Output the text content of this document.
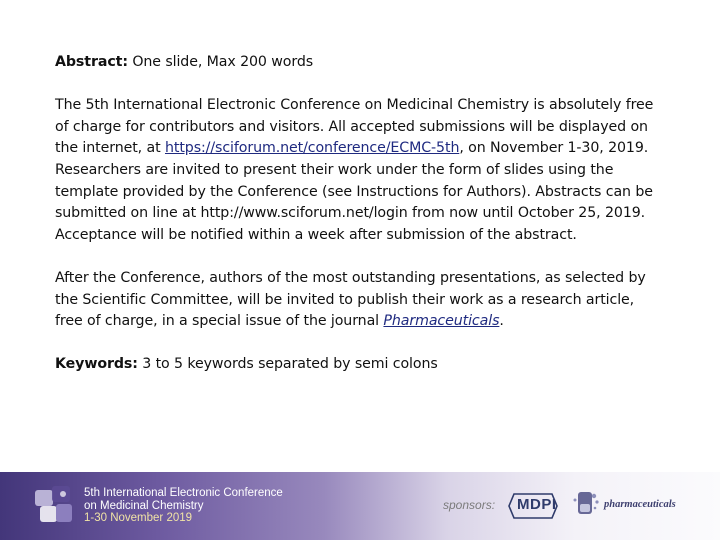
Abstract: One slide, Max 200 words

The 5th International Electronic Conference on Medicinal Chemistry is absolutely free of charge for contributors and visitors. All accepted submissions will be displayed on the internet, at https://sciforum.net/conference/ECMC-5th, on November 1-30, 2019. Researchers are invited to present their work under the form of slides using the template provided by the Conference (see Instructions for Authors). Abstracts can be submitted on line at http://www.sciforum.net/login from now until October 25, 2019. Acceptance will be notified within a week after submission of the abstract.

After the Conference, authors of the most outstanding presentations, as selected by the Scientific Committee, will be invited to publish their work as a research article, free of charge, in a special issue of the journal Pharmaceuticals.

Keywords: 3 to 5 keywords separated by semi colons

5th International Electronic Conference
on Medicinal Chemistry
1-30 November 2019
sponsors: MDPI	pharmaceuticals
